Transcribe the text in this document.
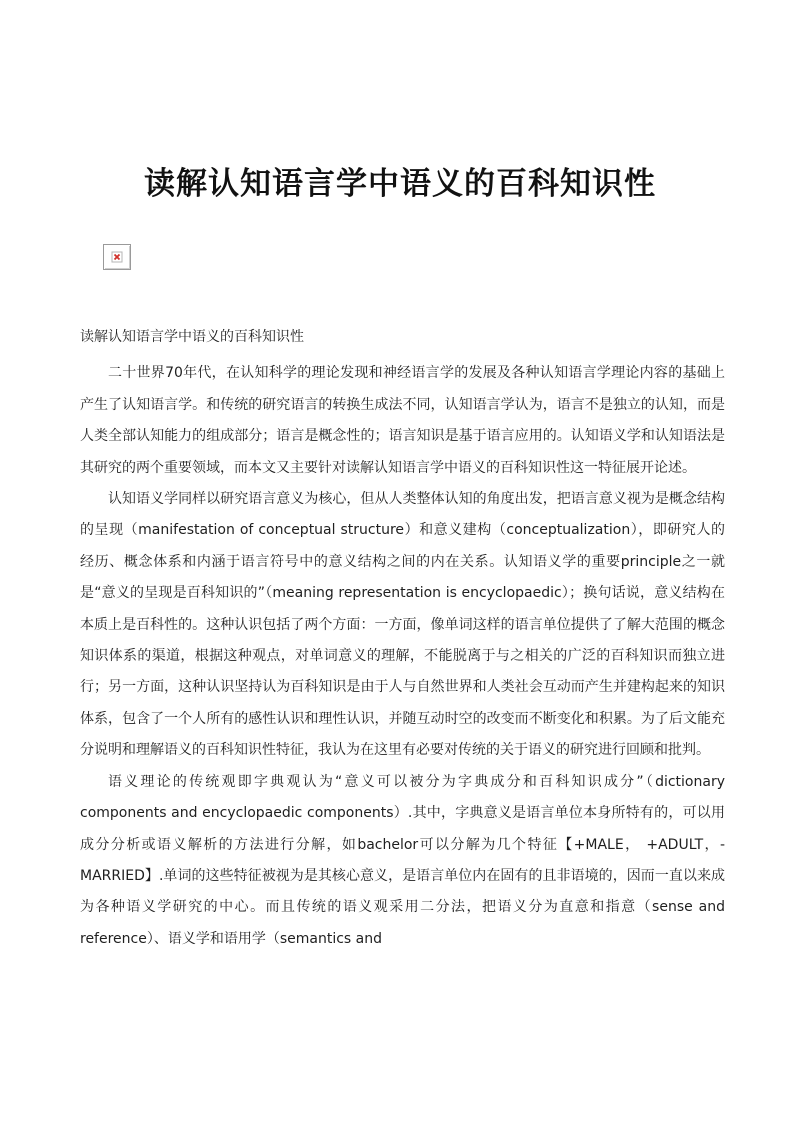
读解认知语言学中语义的百科知识性

读解认知语言学中语义的百科知识性

二十世界70年代，在认知科学的理论发现和神经语言学的发展及各种认知语言学理论内容的基础上产生了认知语言学。和传统的研究语言的转换生成法不同，认知语言学认为，语言不是独立的认知，而是人类全部认知能力的组成部分；语言是概念性的；语言知识是基于语言应用的。认知语义学和认知语法是其研究的两个重要领域，而本文又主要针对读解认知语言学中语义的百科知识性这一特征展开论述。

认知语义学同样以研究语言意义为核心，但从人类整体认知的角度出发，把语言意义视为是概念结构的呈现（manifestation of conceptual structure）和意义建构（conceptualization），即研究人的经历、概念体系和内涵于语言符号中的意义结构之间的内在关系。认知语义学的重要principle之一就是“意义的呈现是百科知识的”（meaning representation is encyclopaedic）；换句话说，意义结构在本质上是百科性的。这种认识包括了两个方面：一方面，像单词这样的语言单位提供了了解大范围的概念知识体系的渠道，根据这种观点，对单词意义的理解，不能脱离于与之相关的广泛的百科知识而独立进行；另一方面，这种认识坚持认为百科知识是由于人与自然世界和人类社会互动而产生并建构起来的知识体系，包含了一个人所有的感性认识和理性认识，并随互动时空的改变而不断变化和积累。为了后文能充分说明和理解语义的百科知识性特征，我认为在这里有必要对传统的关于语义的研究进行回顾和批判。

语义理论的传统观即字典观认为“意义可以被分为字典成分和百科知识成分”（dictionary components and encyclopaedic components）.其中，字典意义是语言单位本身所特有的，可以用成分分析或语义解析的方法进行分解，如bachelor可以分解为几个特征【+MALE， +ADULT，-MARRIED】.单词的这些特征被视为是其核心意义，是语言单位内在固有的且非语境的，因而一直以来成为各种语义学研究的中心。而且传统的语义观采用二分法，把语义分为直意和指意（sense and reference）、语义学和语用学（semantics and
